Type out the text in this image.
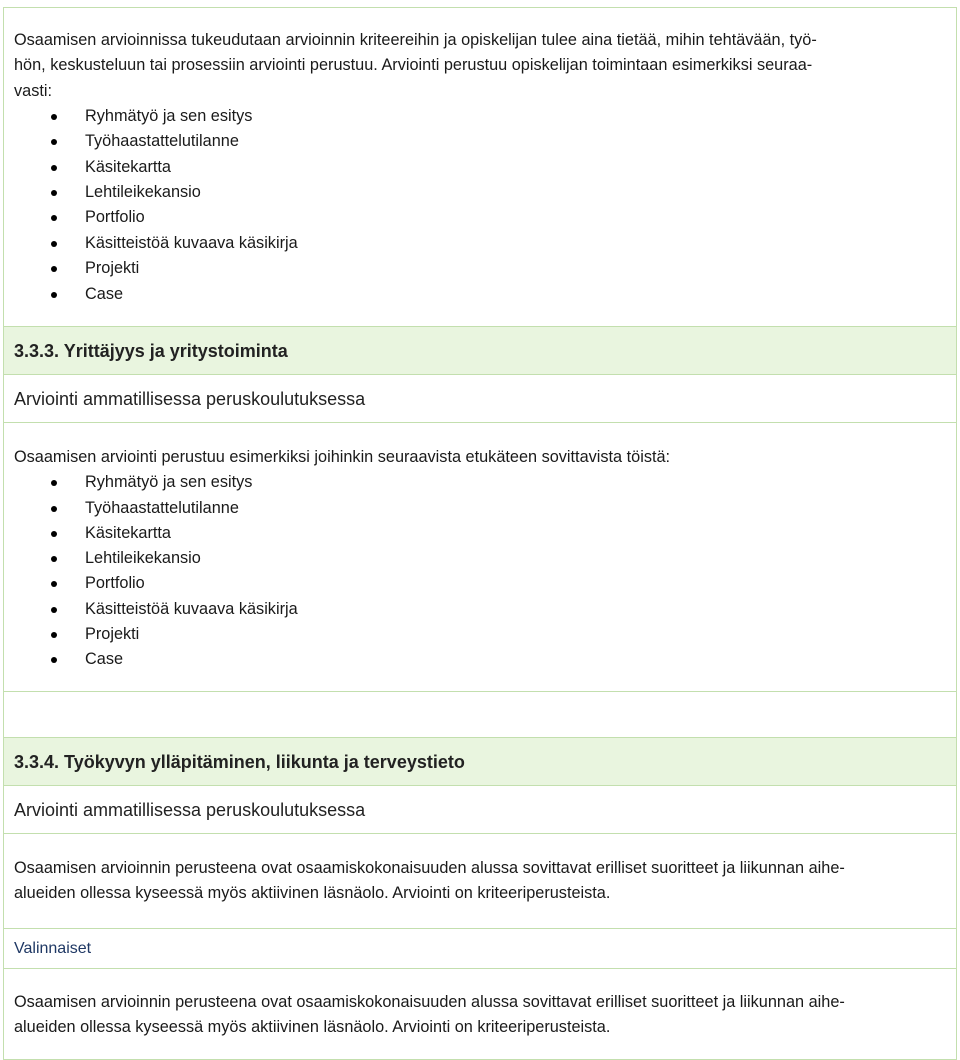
Osaamisen arvioinnissa tukeudutaan arvioinnin kriteereihin ja opiskelijan tulee aina tietää, mihin tehtävään, työ-

hön, keskusteluun tai prosessiin arviointi perustuu. Arviointi perustuu opiskelijan toimintaan esimerkiksi seuraa-

vasti:

Ryhmätyö ja sen esitys
Työhaastattelutilanne
Käsitekartta
Lehtileikekansio
Portfolio
Käsitteistöä kuvaava käsikirja
Projekti
Case
3.3.3. Yrittäjyys ja yritystoiminta
Arviointi ammatillisessa peruskoulutuksessa

Osaamisen arviointi perustuu esimerkiksi joihinkin seuraavista etukäteen sovittavista töistä:

Ryhmätyö ja sen esitys
Työhaastattelutilanne
Käsitekartta
Lehtileikekansio
Portfolio
Käsitteistöä kuvaava käsikirja
Projekti
Case
3.3.4. Työkyvyn ylläpitäminen, liikunta ja terveystieto
Arviointi ammatillisessa peruskoulutuksessa

Osaamisen arvioinnin perusteena ovat osaamiskokonaisuuden alussa sovittavat erilliset suoritteet ja liikunnan aihe-

alueiden ollessa kyseessä myös aktiivinen läsnäolo. Arviointi on kriteeriperusteista.

Valinnaiset

Osaamisen arvioinnin perusteena ovat osaamiskokonaisuuden alussa sovittavat erilliset suoritteet ja liikunnan aihe-

alueiden ollessa kyseessä myös aktiivinen läsnäolo. Arviointi on kriteeriperusteista.
